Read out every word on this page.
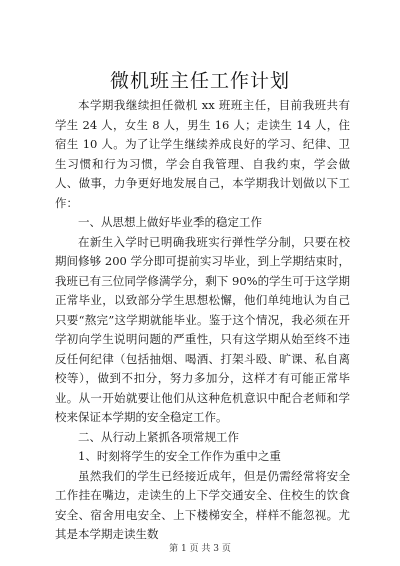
微机班主任工作计划

本学期我继续担任微机 xx 班班主任，目前我班共有学生 24 人，女生 8 人，男生 16 人；走读生 14 人，住宿生 10 人。为了让学生继续养成良好的学习、纪律、卫生习惯和行为习惯，学会自我管理、自我约束，学会做人、做事，力争更好地发展自己，本学期我计划做以下工作：

一、从思想上做好毕业季的稳定工作

在新生入学时已明确我班实行弹性学分制，只要在校期间修够 200 学分即可提前实习毕业，到上学期结束时，我班已有三位同学修满学分，剩下 90%的学生可于这学期正常毕业，以致部分学生思想松懈，他们单纯地认为自己只要“熬完”这学期就能毕业。鉴于这个情况，我必须在开学初向学生说明问题的严重性，只有这学期从始至终不违反任何纪律（包括抽烟、喝酒、打架斗殴、旷课、私自离校等），做到不扣分，努力多加分，这样才有可能正常毕业。从一开始就要让他们从这种危机意识中配合老师和学校来保证本学期的安全稳定工作。

二、从行动上紧抓各项常规工作

1、时刻将学生的安全工作作为重中之重

虽然我们的学生已经接近成年，但是仍需经常将安全工作挂在嘴边，走读生的上下学交通安全、住校生的饮食安全、宿舍用电安全、上下楼梯安全，样样不能忽视。尤其是本学期走读生数

第 1 页 共 3 页
